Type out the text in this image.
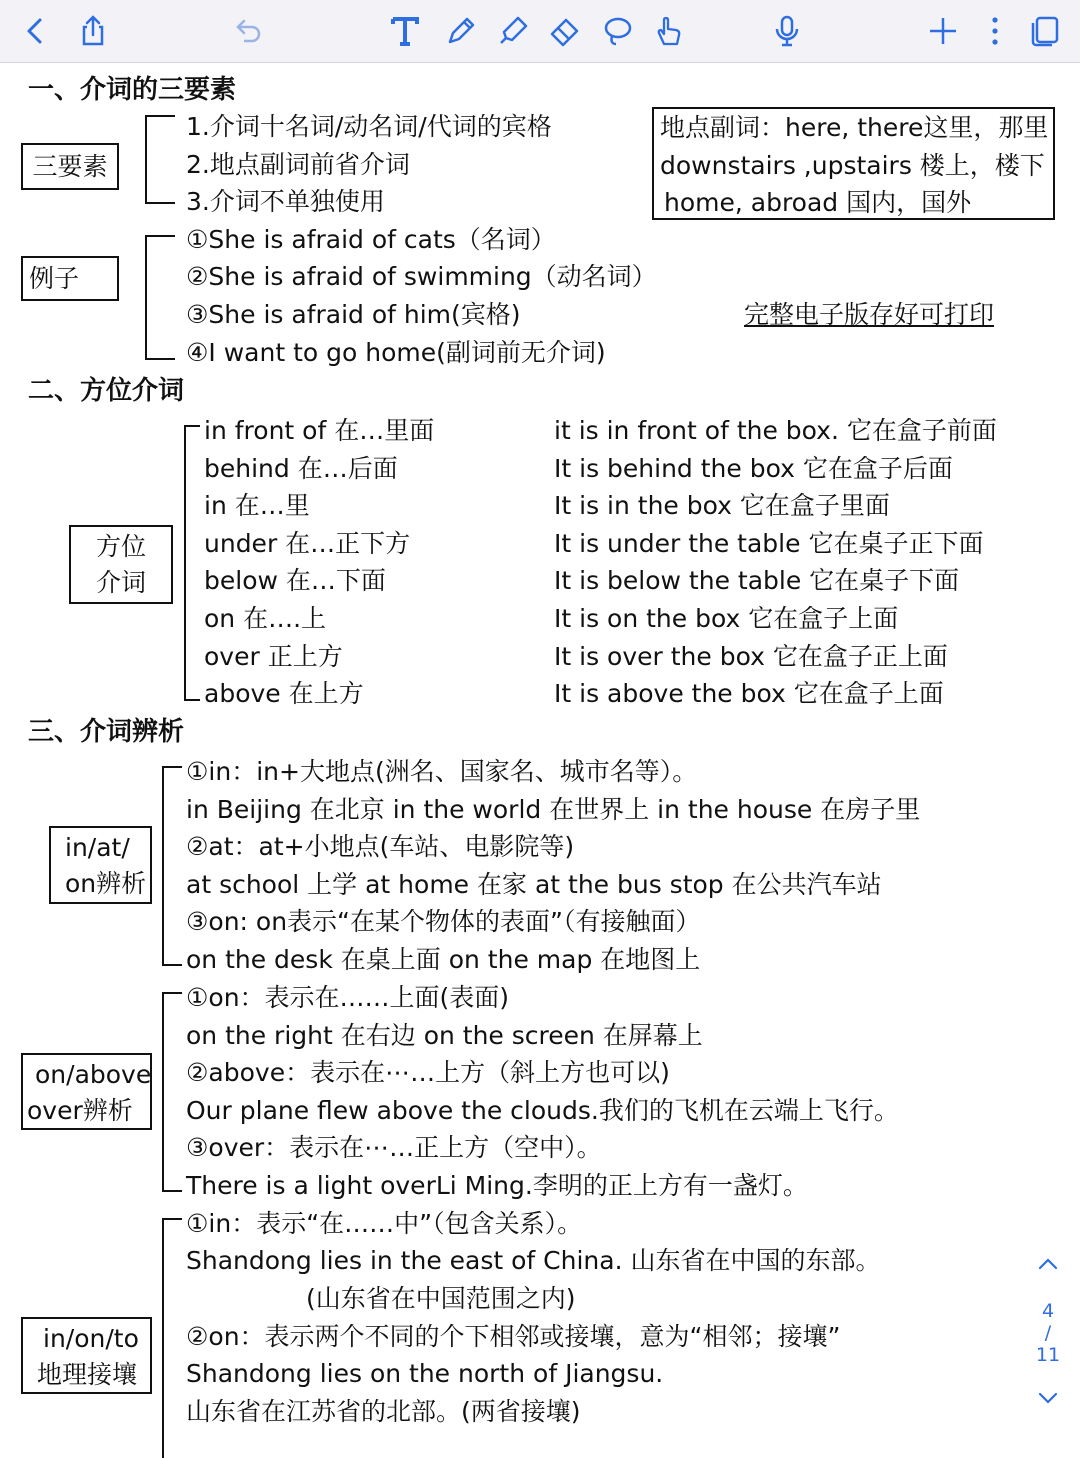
一、介词的三要素
三要素
1.介词十名词/动名词/代词的宾格
2.地点副词前省介词
3.介词不单独使用
地点副词：here, there这里，那里
downstairs ,upstairs 楼上，楼下
home, abroad 国内，国外
例子
①She is afraid of cats（名词）
②She is afraid of swimming（动名词）
③She is afraid of him(宾格)
④I want to go home(副词前无介词)
完整电子版存好可打印
二、方位介词
方位
介词
in front of 在…里面
behind 在…后面
in 在…里
under 在…正下方
below 在…下面
on 在….上
over 正上方
above 在上方
it is in front of the box. 它在盒子前面
It is behind the box 它在盒子后面
It is in the box 它在盒子里面
It is under the table 它在桌子正下面
It is below the table 它在桌子下面
It is on the box 它在盒子上面
It is over the box 它在盒子正上面
It is above the box 它在盒子上面
三、介词辨析
in/at/
on辨析
①in：in+大地点(洲名、国家名、城市名等）。
in Beijing 在北京 in the world 在世界上 in the house 在房子里
②at：at+小地点(车站、电影院等)
at school 上学 at home 在家 at the bus stop 在公共汽车站
③on: on表示“在某个物体的表面”（有接触面）
on the desk 在桌上面 on the map 在地图上
on/above
over辨析
①on：表示在……上面(表面)
on the right 在右边 on the screen 在屏幕上
②above：表示在⋯…上方（斜上方也可以)
Our plane flew above the clouds.我们的飞机在云端上飞行。
③over：表示在⋯…正上方（空中）。
There is a light overLi Ming.李明的正上方有一盏灯。
in/on/to
地理接壤
①in：表示“在……中”（包含关系）。
Shandong lies in the east of China. 山东省在中国的东部。
(山东省在中国范围之内)
②on：表示两个不同的个下相邻或接壤，意为“相邻；接壤”
Shandong lies on the north of Jiangsu.
山东省在江苏省的北部。(两省接壤)
4
/
11
